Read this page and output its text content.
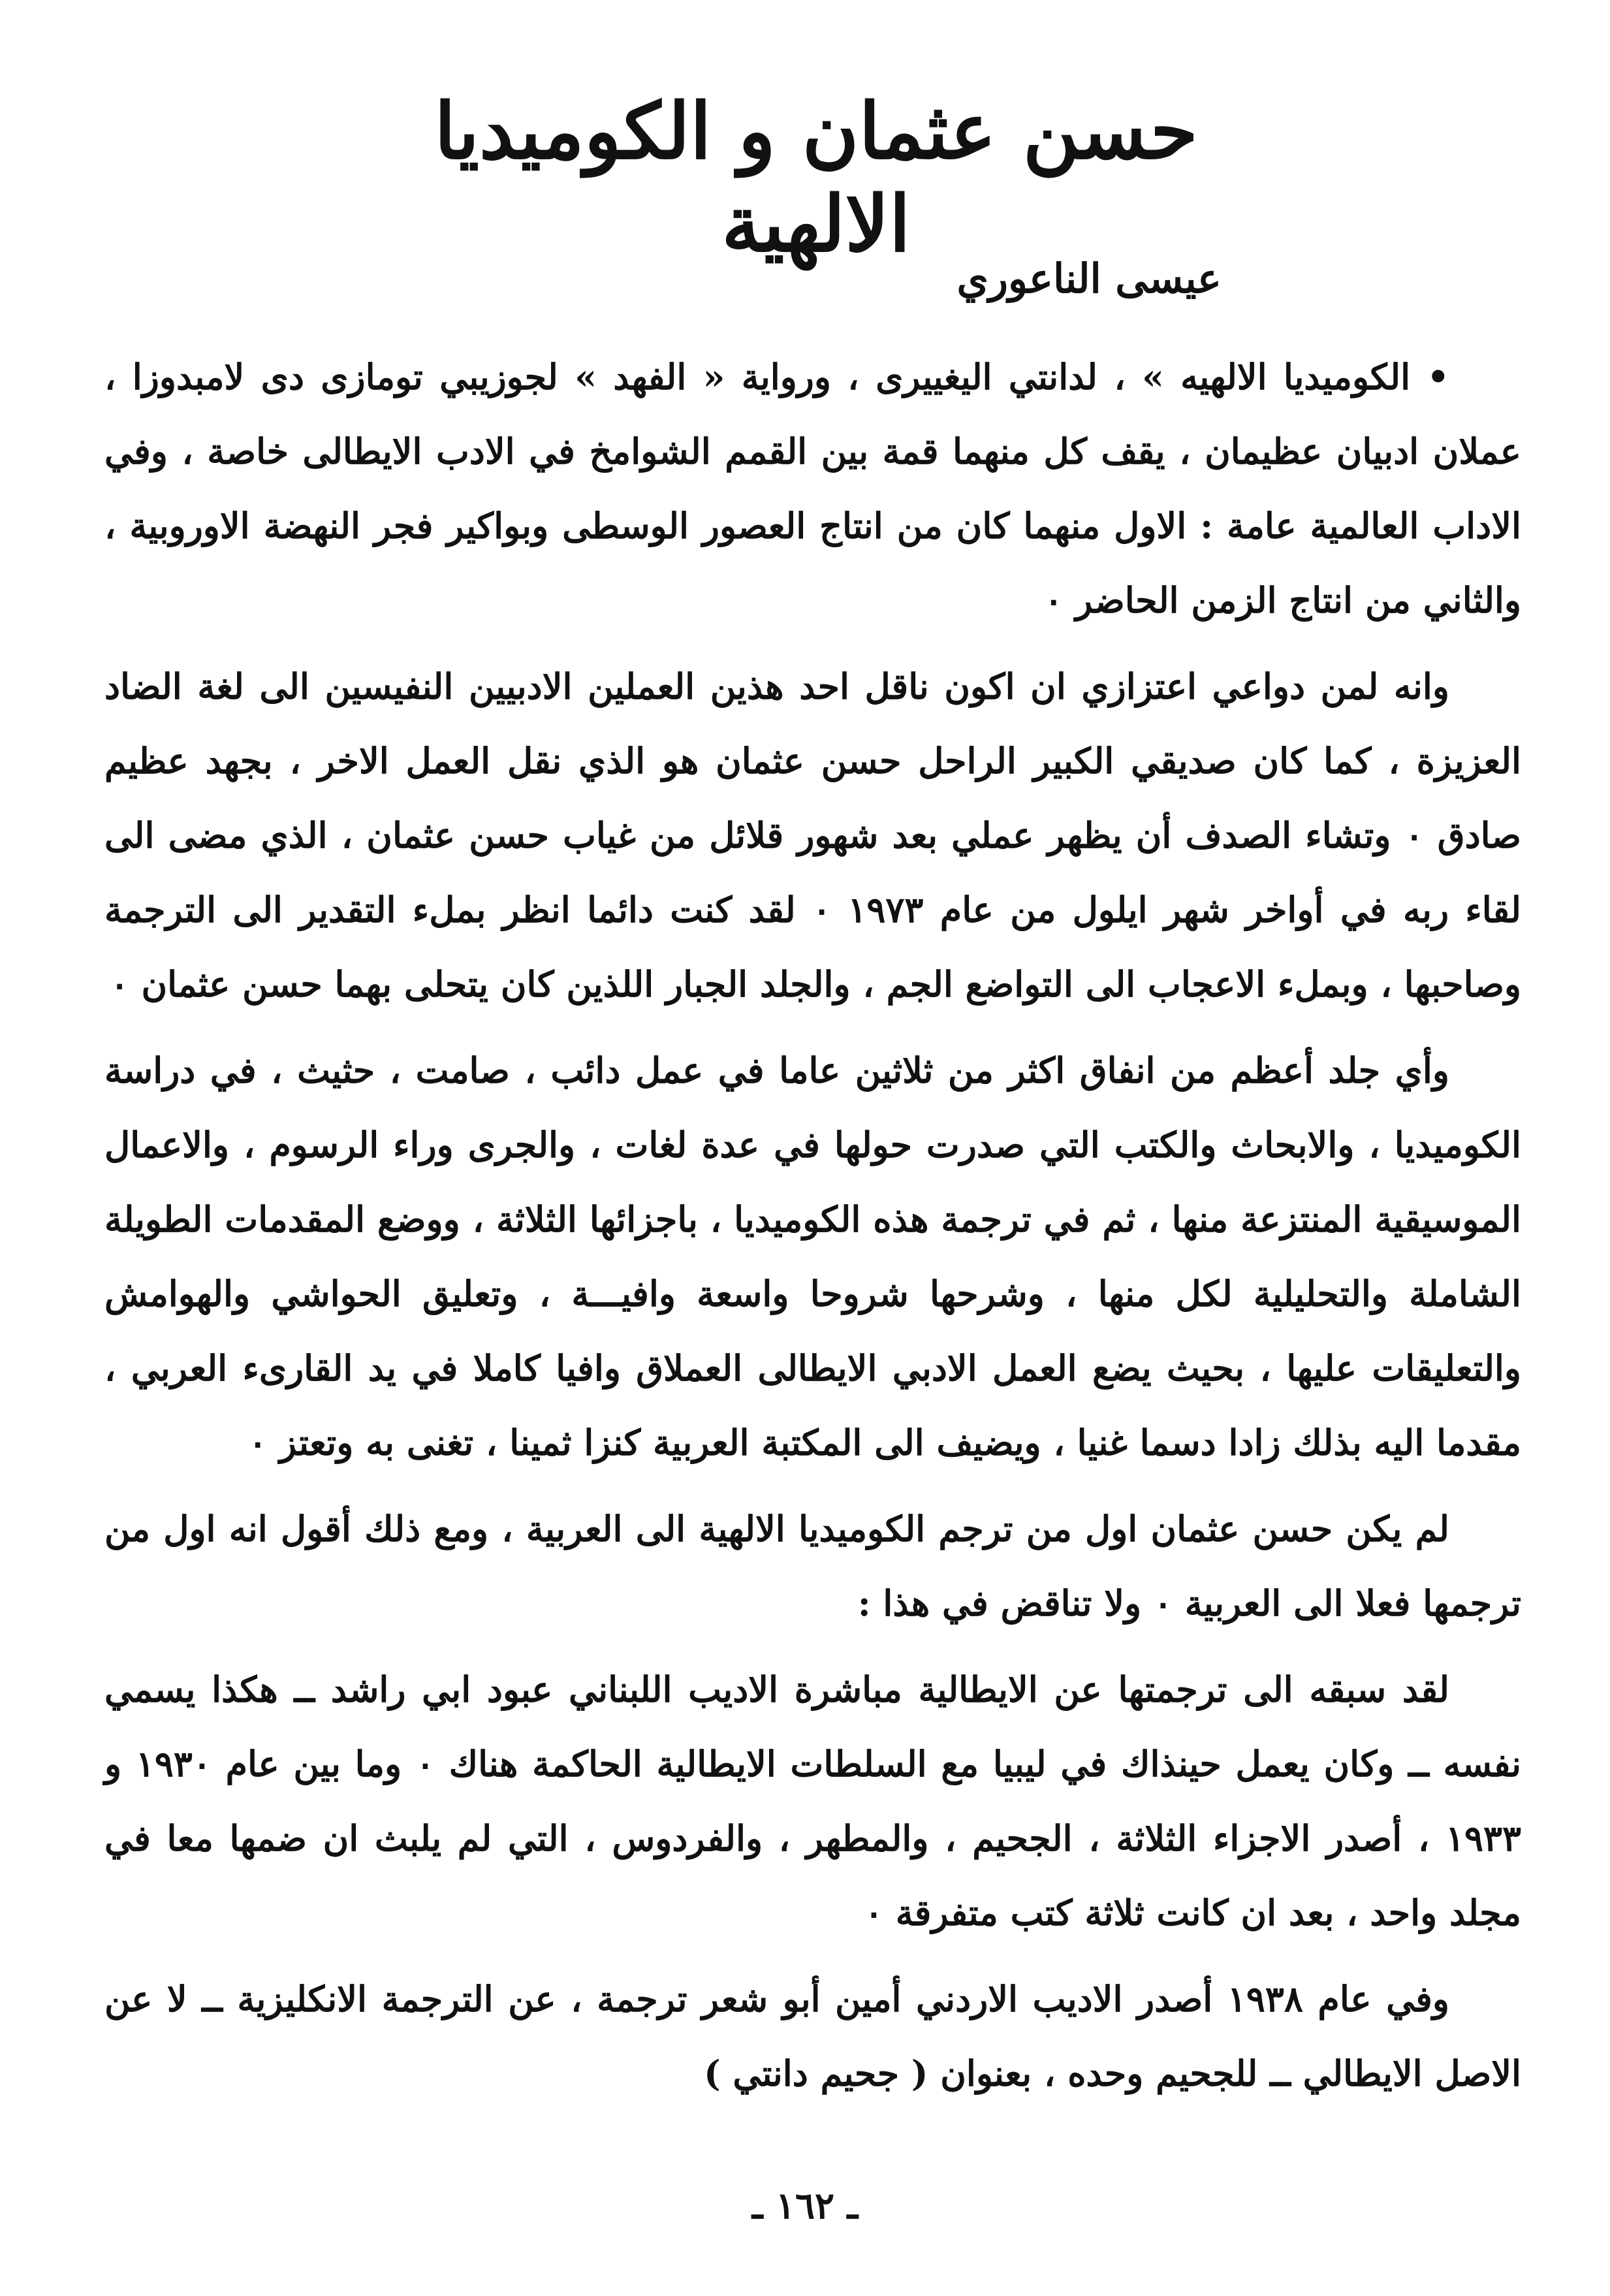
حسن عثمان و الكوميديا الالهية
عيسى الناعوري

• الكوميديا الالهيه » ، لدانتي اليغييرى ، ورواية « الفهد » لجوزيبي تومازى دى لامبدوزا ، عملان ادبيان عظيمان ، يقف كل منهما قمة بين القمم الشوامخ في الادب الايطالى خاصة ، وفي الاداب العالمية عامة : الاول منهما كان من انتاج العصور الوسطى وبواكير فجر النهضة الاوروبية ، والثاني من انتاج الزمن الحاضر ٠

وانه لمن دواعي اعتزازي ان اكون ناقل احد هذين العملين الادبيين النفيسين الى لغة الضاد العزيزة ، كما كان صديقي الكبير الراحل حسن عثمان هو الذي نقل العمل الاخر ، بجهد عظيم صادق ٠ وتشاء الصدف أن يظهر عملي بعد شهور قلائل من غياب حسن عثمان ، الذي مضى الى لقاء ربه في أواخر شهر ايلول من عام ١٩٧٣ ٠ لقد كنت دائما انظر بملء التقدير الى الترجمة وصاحبها ، وبملء الاعجاب الى التواضع الجم ، والجلد الجبار اللذين كان يتحلى بهما حسن عثمان ٠

وأي جلد أعظم من انفاق اكثر من ثلاثين عاما في عمل دائب ، صامت ، حثيث ، في دراسة الكوميديا ، والابحاث والكتب التي صدرت حولها في عدة لغات ، والجرى وراء الرسوم ، والاعمال الموسيقية المنتزعة منها ، ثم في ترجمة هذه الكوميديا ، باجزائها الثلاثة ، ووضع المقدمات الطويلة الشاملة والتحليلية لكل منها ، وشرحها شروحا واسعة وافيـــة ، وتعليق الحواشي والهوامش والتعليقات عليها ، بحيث يضع العمل الادبي الايطالى العملاق وافيا كاملا في يد القارىء العربي ، مقدما اليه بذلك زادا دسما غنيا ، ويضيف الى المكتبة العربية كنزا ثمينا ، تغنى به وتعتز ٠

لم يكن حسن عثمان اول من ترجم الكوميديا الالهية الى العربية ، ومع ذلك أقول انه اول من ترجمها فعلا الى العربية ٠ ولا تناقض في هذا :

لقد سبقه الى ترجمتها عن الايطالية مباشرة الاديب اللبناني عبود ابي راشد ــ هكذا يسمي نفسه ــ وكان يعمل حينذاك في ليبيا مع السلطات الايطالية الحاكمة هناك ٠ وما بين عام ١٩٣٠ و ١٩٣٣ ، أصدر الاجزاء الثلاثة ، الجحيم ، والمطهر ، والفردوس ، التي لم يلبث ان ضمها معا في مجلد واحد ، بعد ان كانت ثلاثة كتب متفرقة ٠

وفي عام ١٩٣٨ أصدر الاديب الاردني أمين أبو شعر ترجمة ، عن الترجمة الانكليزية ــ لا عن الاصل الايطالي ــ للجحيم وحده ، بعنوان ( جحيم دانتي )

ـ ١٦٢ ـ
